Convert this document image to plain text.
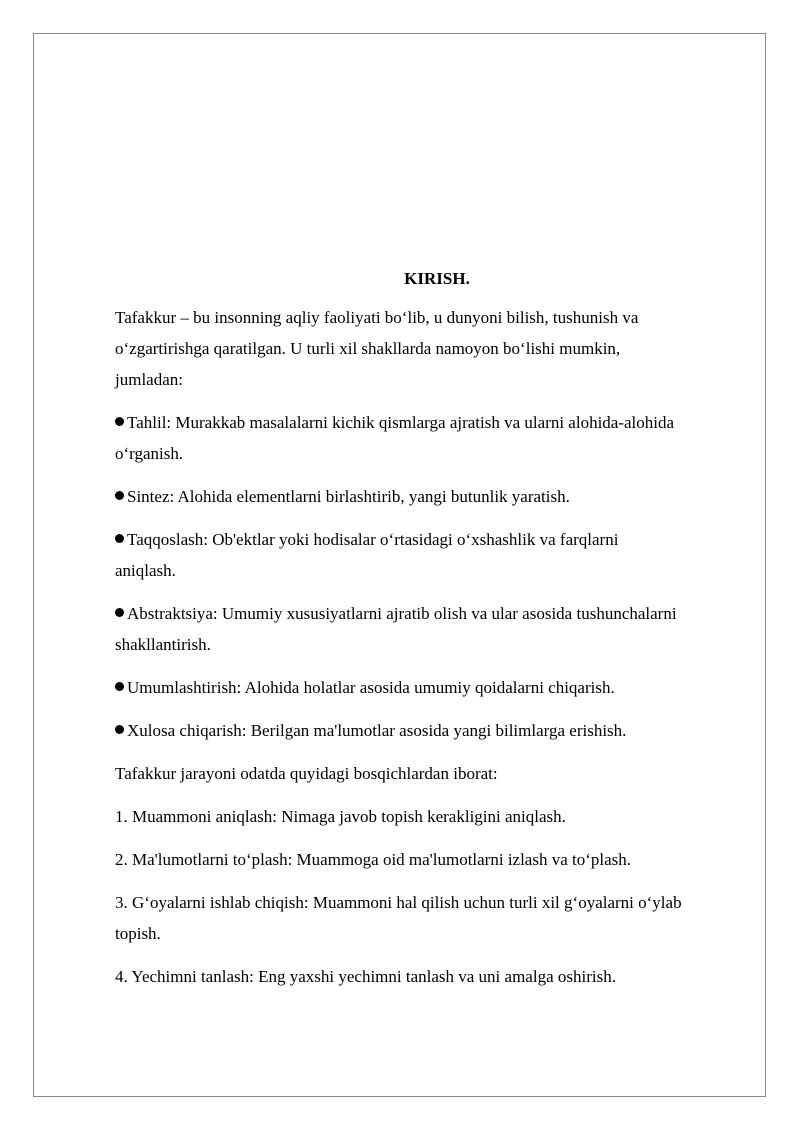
KIRISH.
Tafakkur – bu insonning aqliy faoliyati bo‘lib, u dunyoni bilish, tushunish va
o‘zgartirishga qaratilgan. U turli xil shakllarda namoyon bo‘lishi mumkin,
jumladan:
Tahlil: Murakkab masalalarni kichik qismlarga ajratish va ularni alohida-alohida
o‘rganish.
Sintez: Alohida elementlarni birlashtirib, yangi butunlik yaratish.
Taqqoslash: Ob'ektlar yoki hodisalar o‘rtasidagi o‘xshashlik va farqlarni
aniqlash.
Abstraktsiya: Umumiy xususiyatlarni ajratib olish va ular asosida tushunchalarni
shakllantirish.
Umumlashtirish: Alohida holatlar asosida umumiy qoidalarni chiqarish.
Xulosa chiqarish: Berilgan ma'lumotlar asosida yangi bilimlarga erishish.
Tafakkur jarayoni odatda quyidagi bosqichlardan iborat:
1. Muammoni aniqlash: Nimaga javob topish kerakligini aniqlash.
2. Ma'lumotlarni to‘plash: Muammoga oid ma'lumotlarni izlash va to‘plash.
3. G‘oyalarni ishlab chiqish: Muammoni hal qilish uchun turli xil g‘oyalarni o‘ylab
topish.
4. Yechimni tanlash: Eng yaxshi yechimni tanlash va uni amalga oshirish.
